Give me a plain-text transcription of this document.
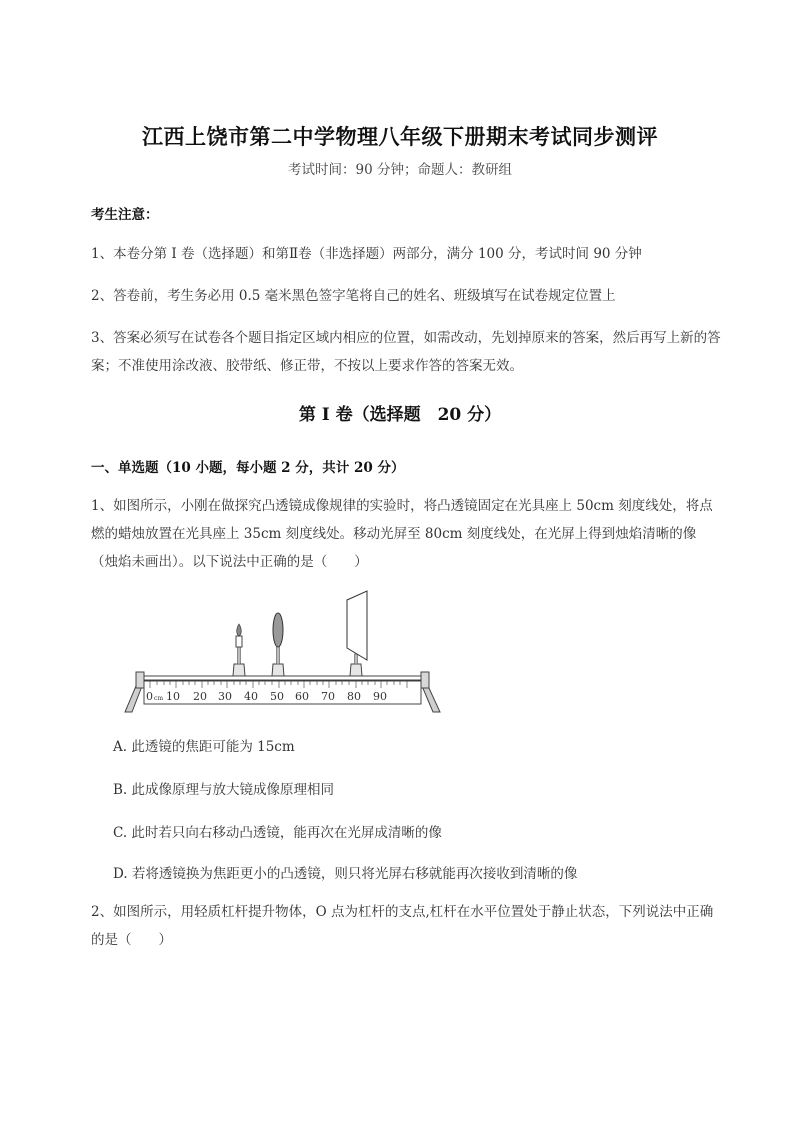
江西上饶市第二中学物理八年级下册期末考试同步测评
考试时间：90 分钟；命题人：教研组
考生注意：
1、本卷分第 I 卷（选择题）和第Ⅱ卷（非选择题）两部分，满分 100 分，考试时间 90 分钟
2、答卷前，考生务必用 0.5 毫米黑色签字笔将自己的姓名、班级填写在试卷规定位置上
3、答案必须写在试卷各个题目指定区域内相应的位置，如需改动，先划掉原来的答案，然后再写上新的答案；不准使用涂改液、胶带纸、修正带，不按以上要求作答的答案无效。
第 I 卷（选择题　20 分）
一、单选题（10 小题，每小题 2 分，共计 20 分）
1、如图所示，小刚在做探究凸透镜成像规律的实验时，将凸透镜固定在光具座上 50cm 刻度线处，将点燃的蜡烛放置在光具座上 35cm 刻度线处。移动光屏至 80cm 刻度线处，在光屏上得到烛焰清晰的像（烛焰未画出）。以下说法中正确的是（　　）
0 cm 10 20 30 40 50 60 70 80 90
A. 此透镜的焦距可能为 15cm
B. 此成像原理与放大镜成像原理相同
C. 此时若只向右移动凸透镜，能再次在光屏成清晰的像
D. 若将透镜换为焦距更小的凸透镜，则只将光屏右移就能再次接收到清晰的像
2、如图所示，用轻质杠杆提升物体，O 点为杠杆的支点,杠杆在水平位置处于静止状态，下列说法中正确的是（　　）
